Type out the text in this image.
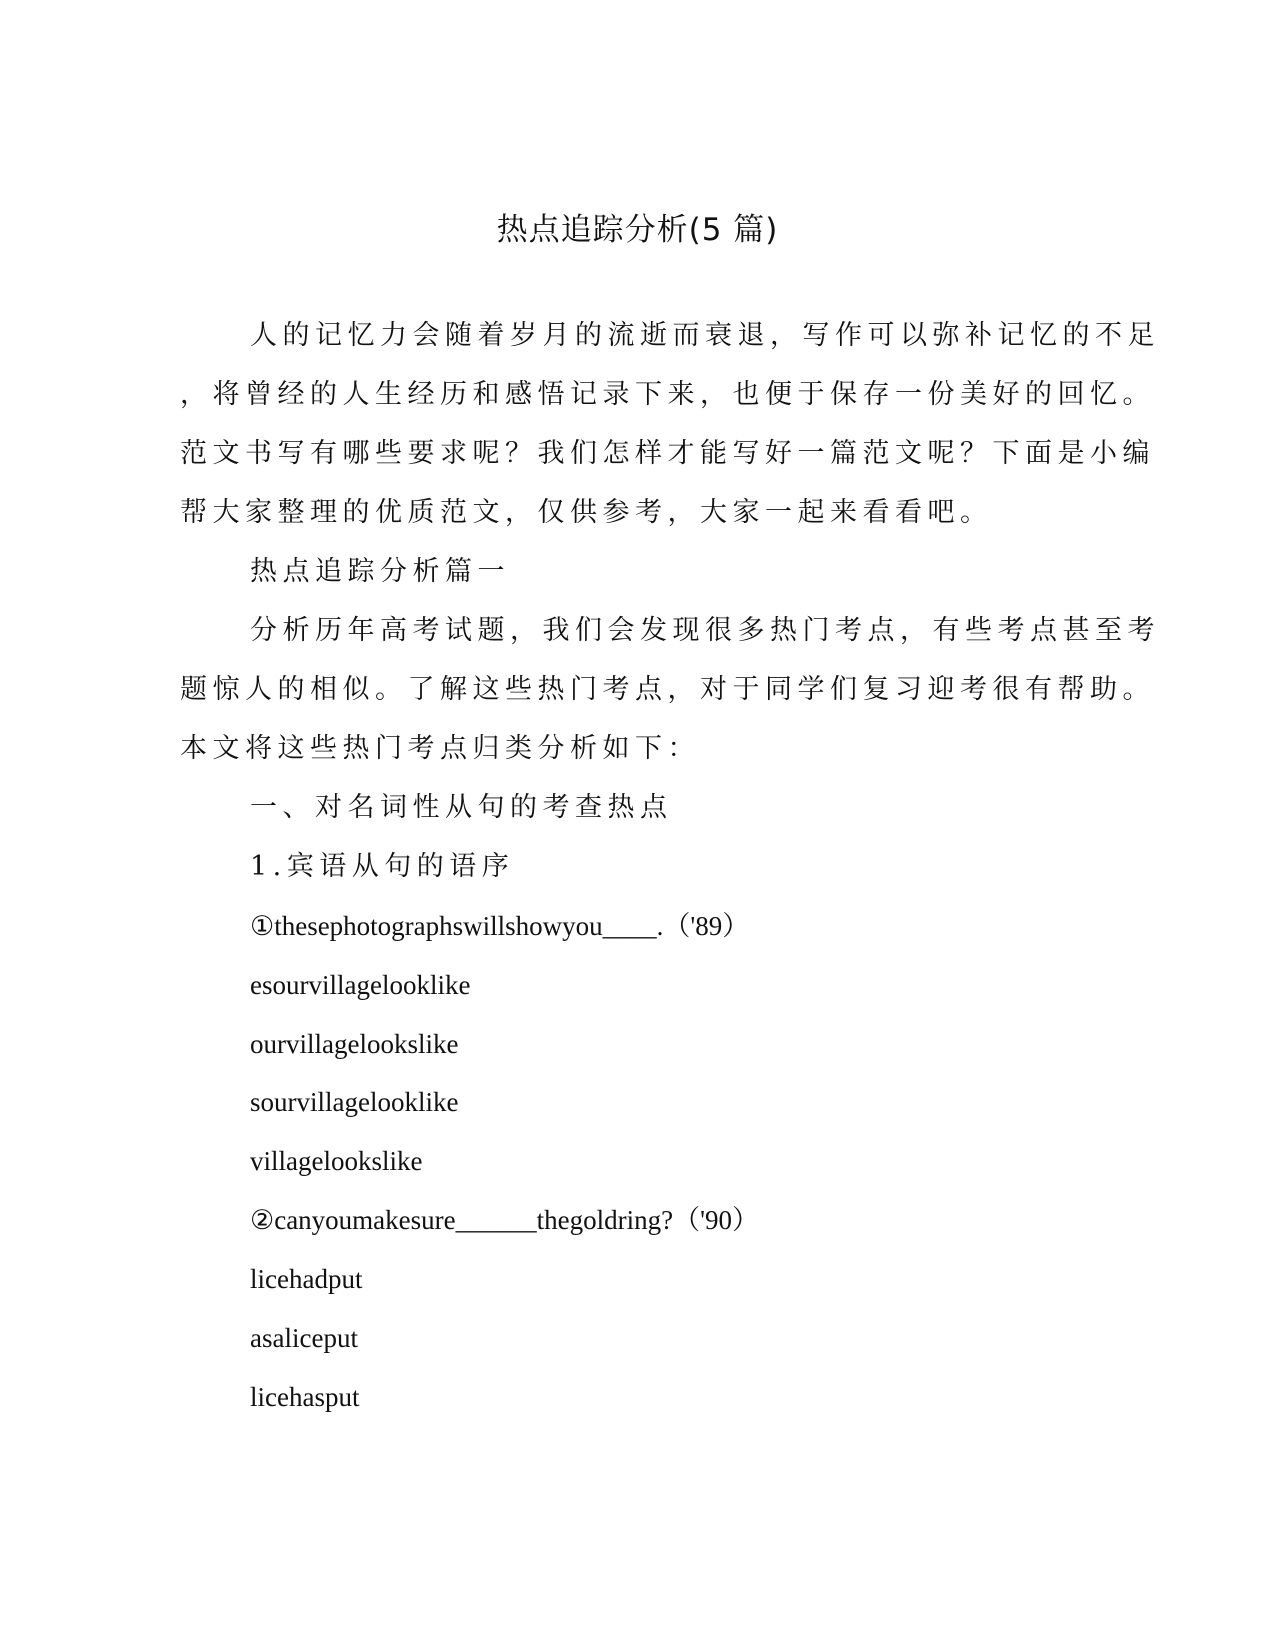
热点追踪分析(5 篇)

人的记忆力会随着岁月的流逝而衰退，写作可以弥补记忆的不足

，将曾经的人生经历和感悟记录下来，也便于保存一份美好的回忆。

范文书写有哪些要求呢？我们怎样才能写好一篇范文呢？下面是小编

帮大家整理的优质范文，仅供参考，大家一起来看看吧。

热点追踪分析篇一

分析历年高考试题，我们会发现很多热门考点，有些考点甚至考

题惊人的相似。了解这些热门考点，对于同学们复习迎考很有帮助。

本文将这些热门考点归类分析如下：

一、对名词性从句的考查热点

1.宾语从句的语序

①thesephotographswillshowyou____.（'89）

esourvillagelooklike

ourvillagelookslike

sourvillagelooklike

villagelookslike

②canyoumakesure______thegoldring?（'90）

licehadput

asaliceput

licehasput
